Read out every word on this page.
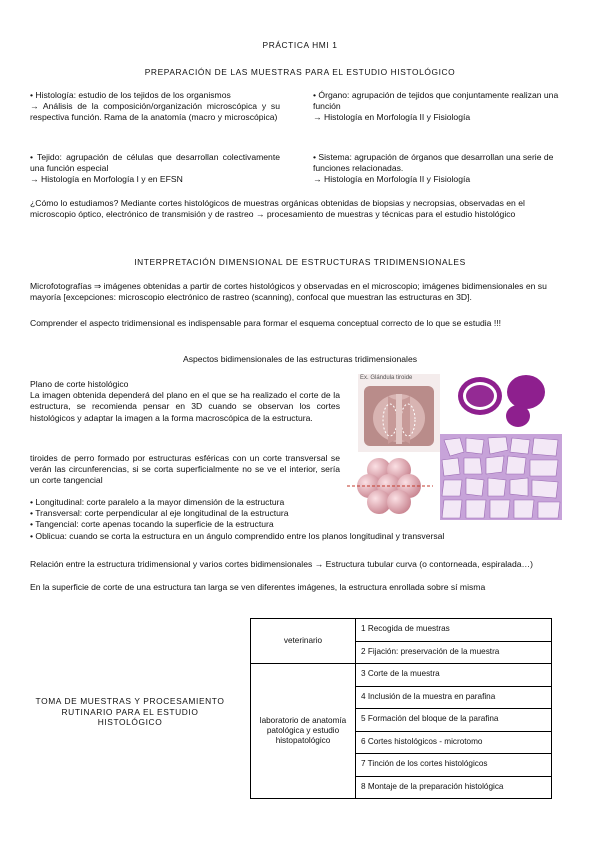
PRÁCTICA HMI 1
PREPARACIÓN DE LAS MUESTRAS PARA EL ESTUDIO HISTOLÓGICO
• Histología: estudio de los tejidos de los organismos
→ Análisis de la composición/organización microscópica y su respectiva función. Rama de la anatomía (macro y microscópica)
• Tejido: agrupación de células que desarrollan colectivamente una función especial
→ Histología en Morfología I y en EFSN
• Órgano: agrupación de tejidos que conjuntamente realizan una función
→ Histología en Morfología II y Fisiología
• Sistema: agrupación de órganos que desarrollan una serie de funciones relacionadas.
→ Histología en Morfología II y Fisiología
¿Cómo lo estudiamos? Mediante cortes histológicos de muestras orgánicas obtenidas de biopsias y necropsias, observadas en el microscopio óptico, electrónico de transmisión y de rastreo → procesamiento de muestras y técnicas para el estudio histológico
INTERPRETACIÓN DIMENSIONAL DE ESTRUCTURAS TRIDIMENSIONALES
Microfotografías ⇒ imágenes obtenidas a partir de cortes histológicos y observadas en el microscopio; imágenes bidimensionales en su mayoría [excepciones: microscopio electrónico de rastreo (scanning), confocal que muestran las estructuras en 3D].
Comprender el aspecto tridimensional es indispensable para formar el esquema conceptual correcto de lo que se estudia !!!
Aspectos bidimensionales de las estructuras tridimensionales
Plano de corte histológico
La imagen obtenida dependerá del plano en el que se ha realizado el corte de la estructura, se recomienda pensar en 3D cuando se observan los cortes histológicos y adaptar la imagen a la forma macroscópica de la estructura.
Ex. Glándula tiroide
tiroides de perro formado por estructuras esféricas con un corte transversal se verán las circunferencias, si se corta superficialmente no se ve el interior, sería un corte tangencial
• Longitudinal: corte paralelo a la mayor dimensión de la estructura
• Transversal: corte perpendicular al eje longitudinal de la estructura
• Tangencial: corte apenas tocando la superficie de la estructura
• Oblicua: cuando se corta la estructura en un ángulo comprendido entre los planos longitudinal y transversal
Relación entre la estructura tridimensional y varios cortes bidimensionales → Estructura tubular curva (o contorneada, espiralada…)
En la superficie de corte de una estructura tan larga se ven diferentes imágenes, la estructura enrollada sobre sí misma
TOMA DE MUESTRAS Y PROCESAMIENTO RUTINARIO PARA EL ESTUDIO HISTOLÓGICO
veterinario	1 Recogida de muestras
	2 Fijación: preservación de la muestra
laboratorio de anatomía patológica y estudio histopatológico	3 Corte de la muestra
	4 Inclusión de la muestra en parafina
	5 Formación del bloque de la parafina
	6 Cortes histológicos - microtomo
	7 Tinción de los cortes histológicos
	8 Montaje de la preparación histológica
